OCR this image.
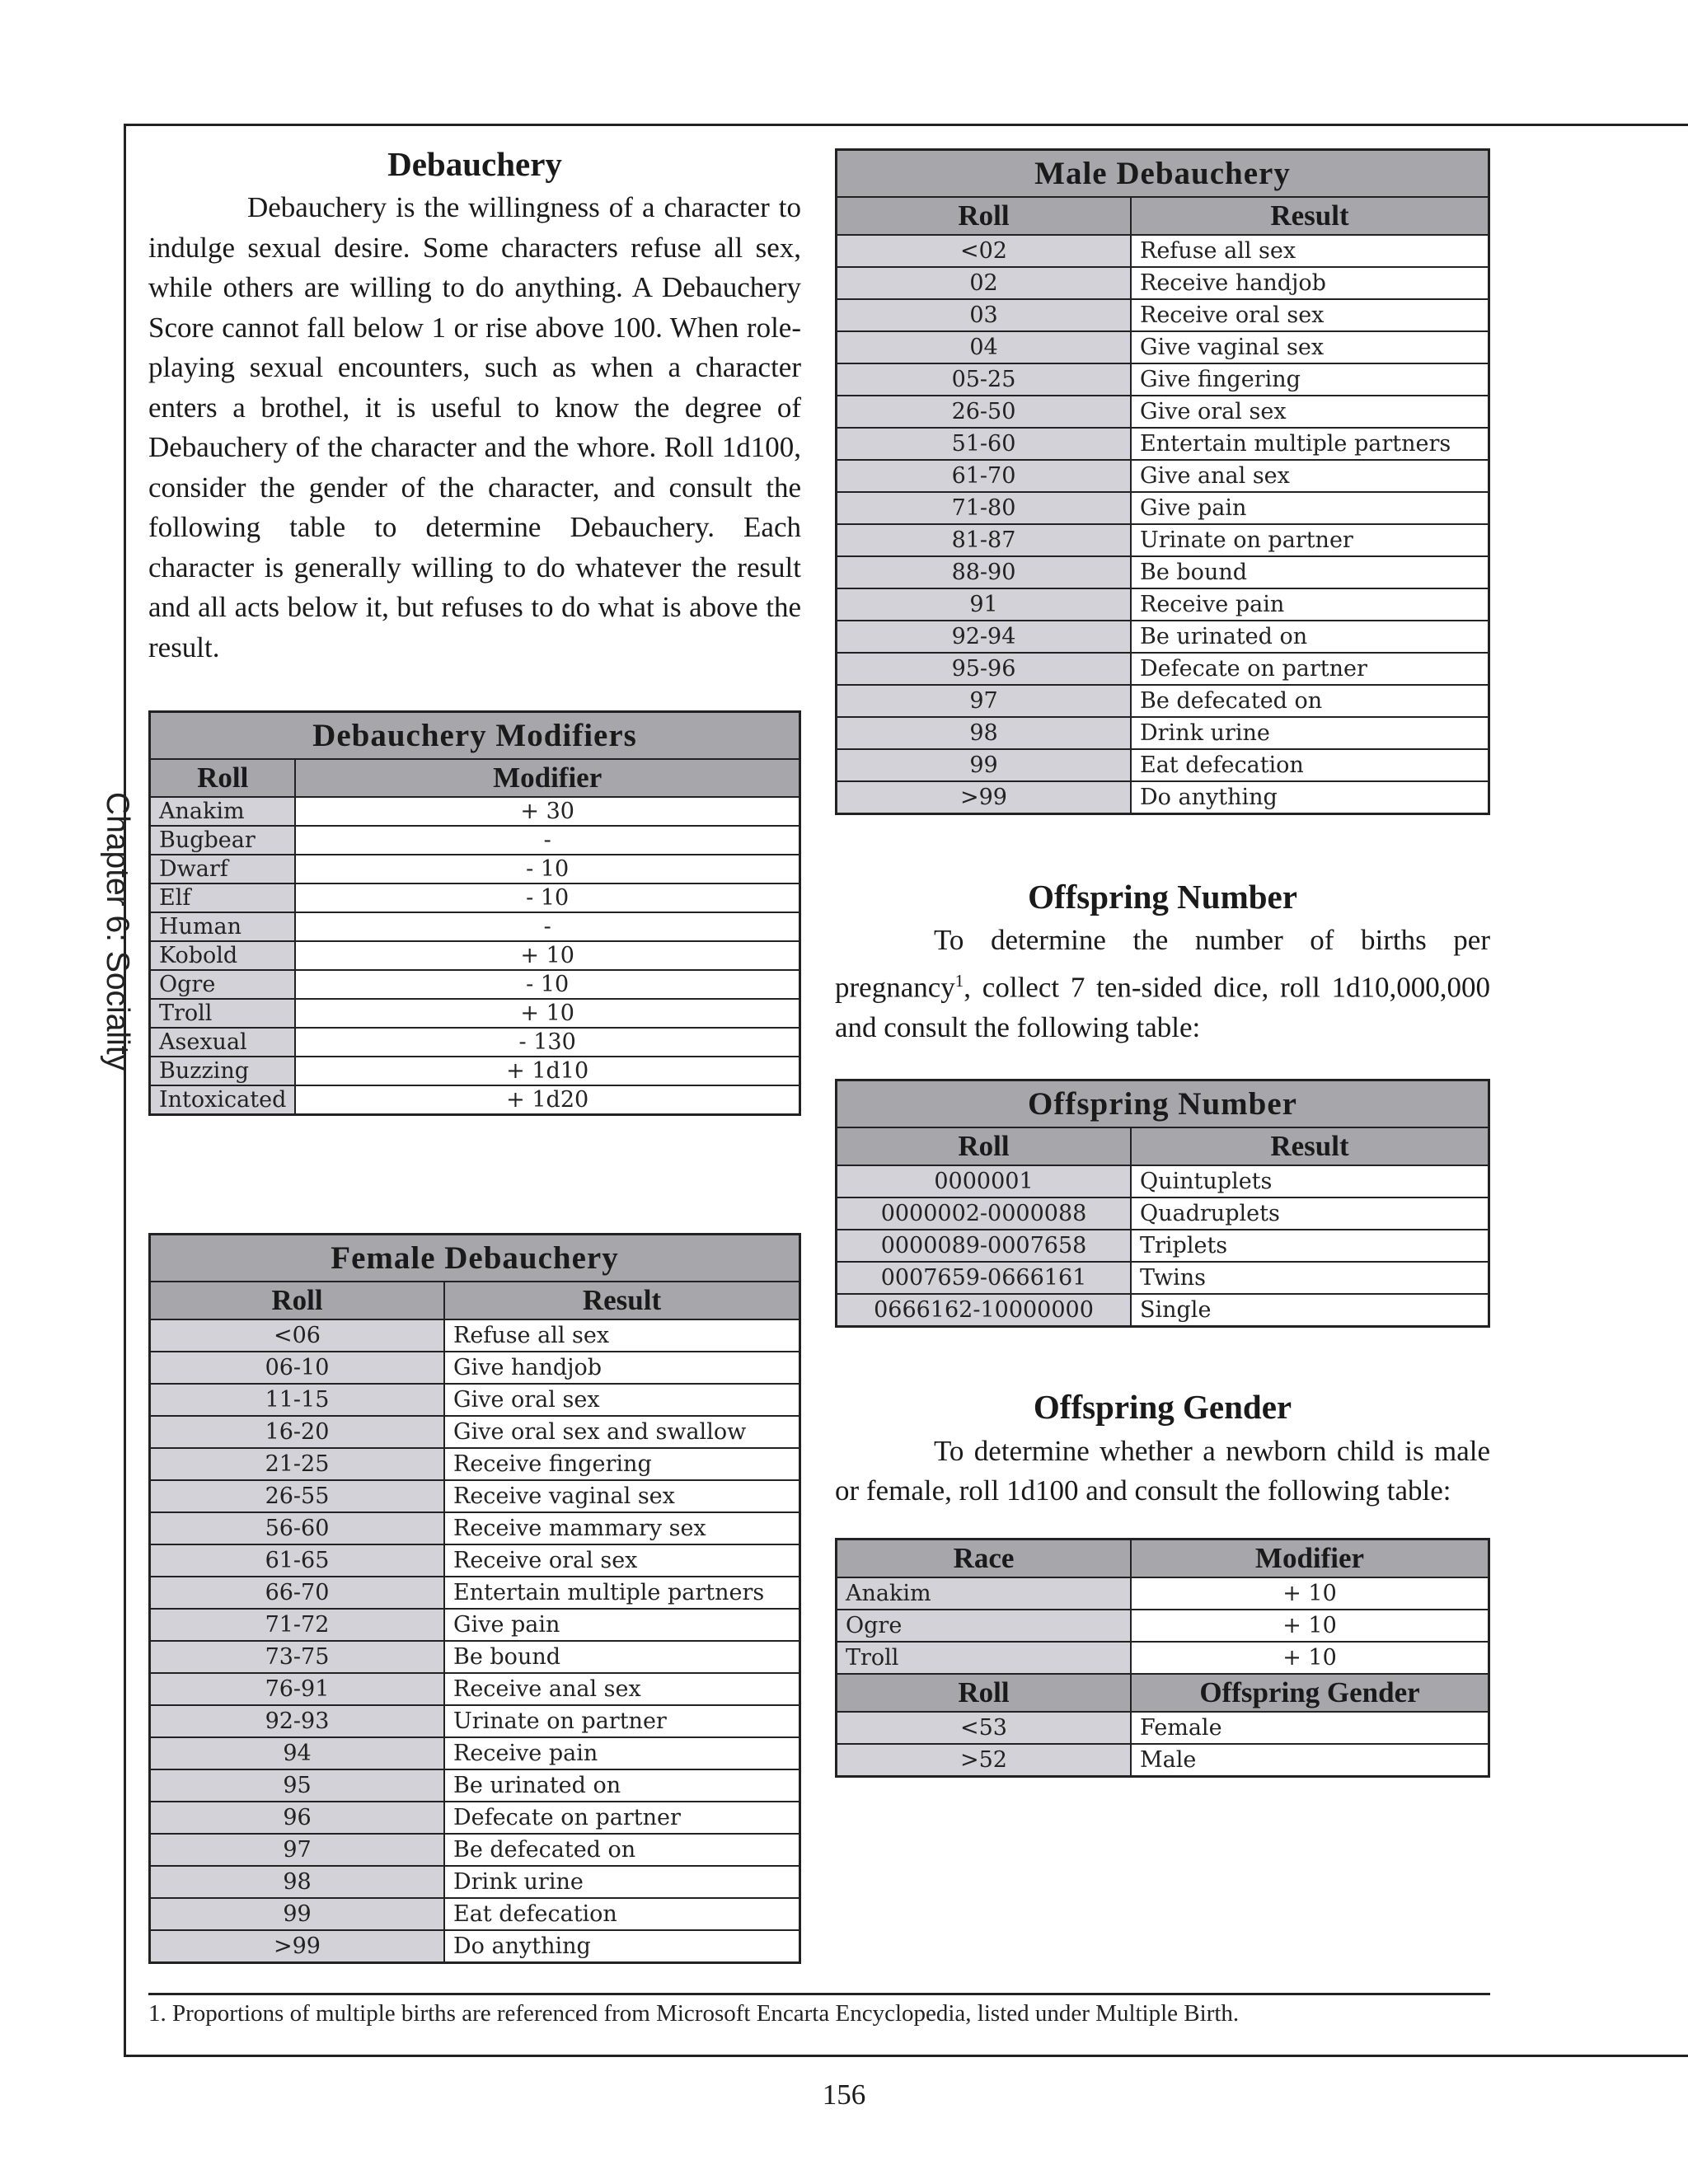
Chapter 6: Sociality
Debauchery

Debauchery is the willingness of a character to indulge sexual desire. Some characters refuse all sex, while others are willing to do anything. A Debauchery Score cannot fall below 1 or rise above 100. When role-playing sexual encounters, such as when a character enters a brothel, it is useful to know the degree of Debauchery of the character and the whore. Roll 1d100, consider the gender of the character, and consult the following table to determine Debauchery. Each character is generally willing to do whatever the result and all acts below it, but refuses to do what is above the result.

Debauchery Modifiers	
Roll	Modifier
Anakim	+ 30
Bugbear	-
Dwarf	- 10
Elf	- 10
Human	-
Kobold	+ 10
Ogre	- 10
Troll	+ 10
Asexual	- 130
Buzzing	+ 1d10
Intoxicated	+ 1d20
Female Debauchery	
Roll	Result
<06	Refuse all sex
06-10	Give handjob
11-15	Give oral sex
16-20	Give oral sex and swallow
21-25	Receive fingering
26-55	Receive vaginal sex
56-60	Receive mammary sex
61-65	Receive oral sex
66-70	Entertain multiple partners
71-72	Give pain
73-75	Be bound
76-91	Receive anal sex
92-93	Urinate on partner
94	Receive pain
95	Be urinated on
96	Defecate on partner
97	Be defecated on
98	Drink urine
99	Eat defecation
>99	Do anything
Male Debauchery	
Roll	Result
<02	Refuse all sex
02	Receive handjob
03	Receive oral sex
04	Give vaginal sex
05-25	Give fingering
26-50	Give oral sex
51-60	Entertain multiple partners
61-70	Give anal sex
71-80	Give pain
81-87	Urinate on partner
88-90	Be bound
91	Receive pain
92-94	Be urinated on
95-96	Defecate on partner
97	Be defecated on
98	Drink urine
99	Eat defecation
>99	Do anything
Offspring Number

To determine the number of births per pregnancy$^1$, collect 7 ten-sided dice, roll 1d10,000,000 and consult the following table:

Offspring Number	
Roll	Result
0000001	Quintuplets
0000002-0000088	Quadruplets
0000089-0007658	Triplets
0007659-0666161	Twins
0666162-10000000	Single
Offspring Gender

To determine whether a newborn child is male or female, roll 1d100 and consult the following table:

Race	Modifier
Anakim	+ 10
Ogre	+ 10
Troll	+ 10
Roll	Offspring Gender
<53	Female
>52	Male
1. Proportions of multiple births are referenced from Microsoft Encarta Encyclopedia, listed under Multiple Birth.
156
